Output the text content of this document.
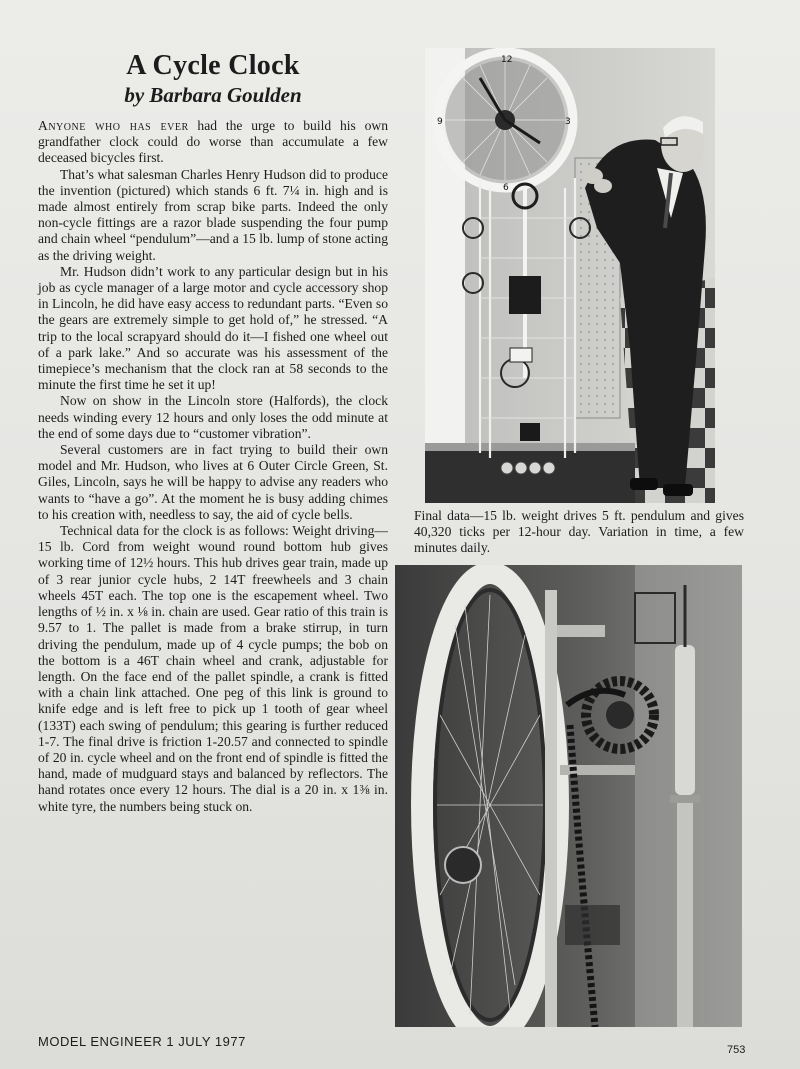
A Cycle Clock
by Barbara Goulden

Anyone who has ever had the urge to build his own grandfather clock could do worse than accumulate a few deceased bicycles first.

That’s what salesman Charles Henry Hudson did to produce the invention (pictured) which stands 6 ft. 7¼ in. high and is made almost entirely from scrap bike parts. Indeed the only non-cycle fittings are a razor blade suspending the four pump and chain wheel “pendulum”—and a 15 lb. lump of stone acting as the driving weight.

Mr. Hudson didn’t work to any particular design but in his job as cycle manager of a large motor and cycle accessory shop in Lincoln, he did have easy access to redundant parts. “Even so the gears are extremely simple to get hold of,” he stressed. “A trip to the local scrapyard should do it—I fished one wheel out of a park lake.” And so accurate was his assessment of the timepiece’s mechanism that the clock ran at 58 seconds to the minute the first time he set it up!

Now on show in the Lincoln store (Halfords), the clock needs winding every 12 hours and only loses the odd minute at the end of some days due to “customer vibration”.

Several customers are in fact trying to build their own model and Mr. Hudson, who lives at 6 Outer Circle Green, St. Giles, Lincoln, says he will be happy to advise any readers who wants to “have a go”. At the moment he is busy adding chimes to his creation with, needless to say, the aid of cycle bells.

Technical data for the clock is as follows: Weight driving—15 lb. Cord from weight wound round bottom hub gives working time of 12½ hours. This hub drives gear train, made up of 3 rear junior cycle hubs, 2 14T freewheels and 3 chain wheels 45T each. The top one is the escapement wheel. Two lengths of ½ in. x ⅛ in. chain are used. Gear ratio of this train is 9.57 to 1. The pallet is made from a brake stirrup, in turn driving the pendulum, made up of 4 cycle pumps; the bob on the bottom is a 46T chain wheel and crank, adjustable for length. On the face end of the pallet spindle, a crank is fitted with a chain link attached. One peg of this link is ground to knife edge and is left free to pick up 1 tooth of gear wheel (133T) each swing of pendulum; this gearing is further reduced 1-7. The final drive is friction 1-20.57 and connected to spindle of 20 in. cycle wheel and on the front end of spindle is fitted the hand, made of mudguard stays and balanced by reflectors. The hand rotates once every 12 hours. The dial is a 20 in. x 1⅜ in. white tyre, the numbers being stuck on.

12
3
6
9
Final data—15 lb. weight drives 5 ft. pendulum and gives 40,320 ticks per 12-hour day. Variation in time, a few minutes daily.
MODEL ENGINEER 1 JULY 1977
753
